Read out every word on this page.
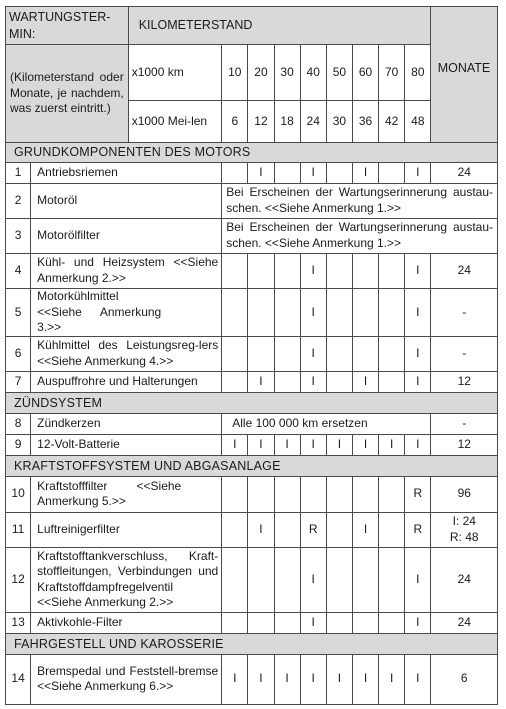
WARTUNGSTER-MIN:		KILOMETERSTAND									
(Kilometerstand oder Monate, je nachdem, was zuerst eintritt.)		x1000 km	10	20	30	40	50	60	70	80	
		x1000 Mei-len	6	12	18	24	30	36	42	48	
GRUNDKOMPONENTEN DES MOTORS											
1	Antriebsriemen			I		I		I		I	24
2	Motoröl		Bei Erscheinen der Wartungserinnerung austau-schen. <<Siehe Anmerkung 1.>>								
3	Motorölfilter		Bei Erscheinen der Wartungserinnerung austau-schen. <<Siehe Anmerkung 1.>>								
4	Kühl- und Heizsystem <<Siehe Anmerkung 2.>>					I				I	24
5	Motorkühlmittel <<Siehe Anmerkung 3.>>					I				I	-
6	Kühlmittel des Leistungsreg-lers <<Siehe Anmerkung 4.>>					I				I	-
7	Auspuffrohre und Halterungen			I		I		I		I	12
ZÜNDSYSTEM											
8	Zündkerzen		Alle 100 000 km ersetzen								-
9	12-Volt-Batterie		I	I	I	I	I	I	I	I	12
KRAFTSTOFFSYSTEM UND ABGASANLAGE											
10	Kraftstofffilter <<Siehe Anmerkung 5.>>									R	96
11	Luftreinigerfilter			I		R		I		R	I: 24
R: 48

12	Kraftstofftankverschluss, Kraft-stoffleitungen, Verbindungen und Kraftstoffdampfregelventil <<Siehe Anmerkung 2.>>					I				I	24
13	Aktivkohle-Filter					I				I	24
FAHRGESTELL UND KAROSSERIE											
14	Bremspedal und Feststell-bremse <<Siehe Anmerkung 6.>>		I	I	I	I	I	I	I	I	6
MONATE
